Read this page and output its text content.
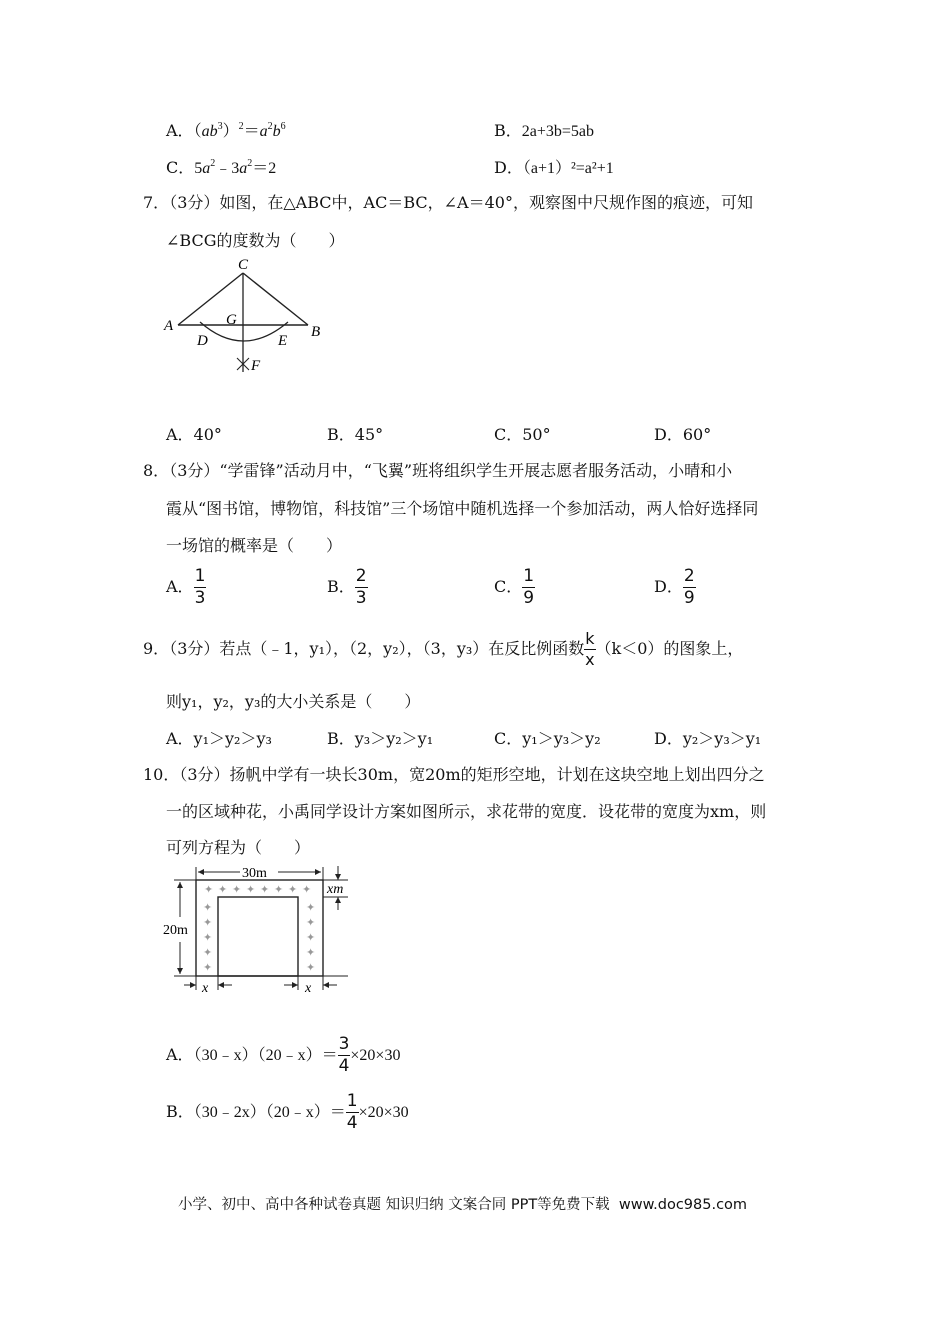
A．$(ab^3)^2=a^2b^6$	B．2a+3b=5ab
C．$5a^2﹣3a^2=2$	D．（a+1）²=a²+1
7．（3分）如图，在△ABC中，AC＝BC，∠A＝40°，观察图中尺规作图的痕迹，可知
∠BCG的度数为（　　）
C
A	B
G
D	E
F
A．40°	B．45°	C．50°	D．60°
8．（3分）“学雷锋”活动月中，“飞翼”班将组织学生开展志愿者服务活动，小晴和小
霞从“图书馆，博物馆，科技馆”三个场馆中随机选择一个参加活动，两人恰好选择同
一场馆的概率是（　　）
A． $\frac{1}{3}$	B． $\frac{2}{3}$	C． $\frac{1}{9}$	D． $\frac{2}{9}$
9．（3分）若点（﹣1，y₁），（2，y₂），（3，y₃）在反比例函数 $\frac{k}{x} (k<0)$的图象上，
则y₁，y₂，y₃的大小关系是（　　）
A．y₁＞y₂＞y₃	B．y₃＞y₂＞y₁	C．y₁＞y₃＞y₂	D．y₂＞y₃＞y₁
10．（3分）扬帆中学有一块长30m，宽20m的矩形空地，计划在这块空地上划出四分之
一的区域种花，小禹同学设计方案如图所示，求花带的宽度．设花带的宽度为xm，则
可列方程为（　　）
30m
20m
xm
x	x
✦ ✦ ✦ ✦ ✦ ✦ ✦ ✦
✦	✦
✦	✦
✦	✦
✦	✦
✦	✦
A．（30﹣x）（20﹣x）＝ $\frac{3}{4} \times 20\times 30$
B．（30﹣2x）（20﹣x）＝ $\frac{1}{4} \times 20\times 30$
小学、初中、高中各种试卷真题 知识归纳 文案合同 PPT等免费下载 www.doc985.com
